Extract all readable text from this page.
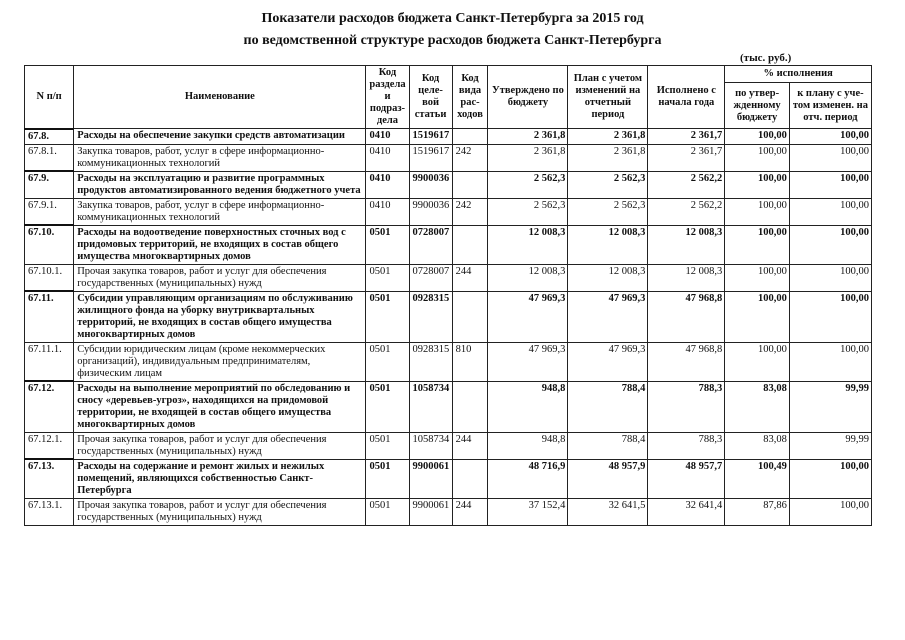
Показатели расходов бюджета Санкт-Петербурга за 2015 год
по ведомственной структуре расходов бюджета Санкт-Петербурга
(тыс. руб.)
N п/п	Наименование	Код раздела и подраз-дела	Код целе-вой статьи	Код вида рас-ходов	Утверждено по бюджету	План с учетом изменений на отчетный период	Исполнено с начала года	% исполнения	
								по утвер-жденному бюджету	к плану с уче-том изменен. на отч. период
67.8.	Расходы на обеспечение закупки средств автоматизации	0410	1519617		2 361,8	2 361,8	2 361,7	100,00	100,00
67.8.1.	Закупка товаров, работ, услуг в сфере информационно-коммуникационных технологий	0410	1519617	242	2 361,8	2 361,8	2 361,7	100,00	100,00
67.9.	Расходы на эксплуатацию и развитие программных продуктов автоматизированного ведения бюджетного учета	0410	9900036		2 562,3	2 562,3	2 562,2	100,00	100,00
67.9.1.	Закупка товаров, работ, услуг в сфере информационно-коммуникационных технологий	0410	9900036	242	2 562,3	2 562,3	2 562,2	100,00	100,00
67.10.	Расходы на водоотведение поверхностных сточных вод с придомовых территорий, не входящих в состав общего имущества многоквартирных домов	0501	0728007		12 008,3	12 008,3	12 008,3	100,00	100,00
67.10.1.	Прочая закупка товаров, работ и услуг для обеспечения государственных (муниципальных) нужд	0501	0728007	244	12 008,3	12 008,3	12 008,3	100,00	100,00
67.11.	Субсидии управляющим организациям по обслуживанию жилищного фонда на уборку внутриквартальных территорий, не входящих в состав общего имущества многоквартирных домов	0501	0928315		47 969,3	47 969,3	47 968,8	100,00	100,00
67.11.1.	Субсидии юридическим лицам (кроме некоммерческих организаций), индивидуальным предпринимателям, физическим лицам	0501	0928315	810	47 969,3	47 969,3	47 968,8	100,00	100,00
67.12.	Расходы на выполнение мероприятий по обследованию и сносу «деревьев-угроз», находящихся на придомовой территории, не входящей в состав общего имущества многоквартирных домов	0501	1058734		948,8	788,4	788,3	83,08	99,99
67.12.1.	Прочая закупка товаров, работ и услуг для обеспечения государственных (муниципальных) нужд	0501	1058734	244	948,8	788,4	788,3	83,08	99,99
67.13.	Расходы на содержание и ремонт жилых и нежилых помещений, являющихся собственностью Санкт-Петербурга	0501	9900061		48 716,9	48 957,9	48 957,7	100,49	100,00
67.13.1.	Прочая закупка товаров, работ и услуг для обеспечения государственных (муниципальных) нужд	0501	9900061	244	37 152,4	32 641,5	32 641,4	87,86	100,00
